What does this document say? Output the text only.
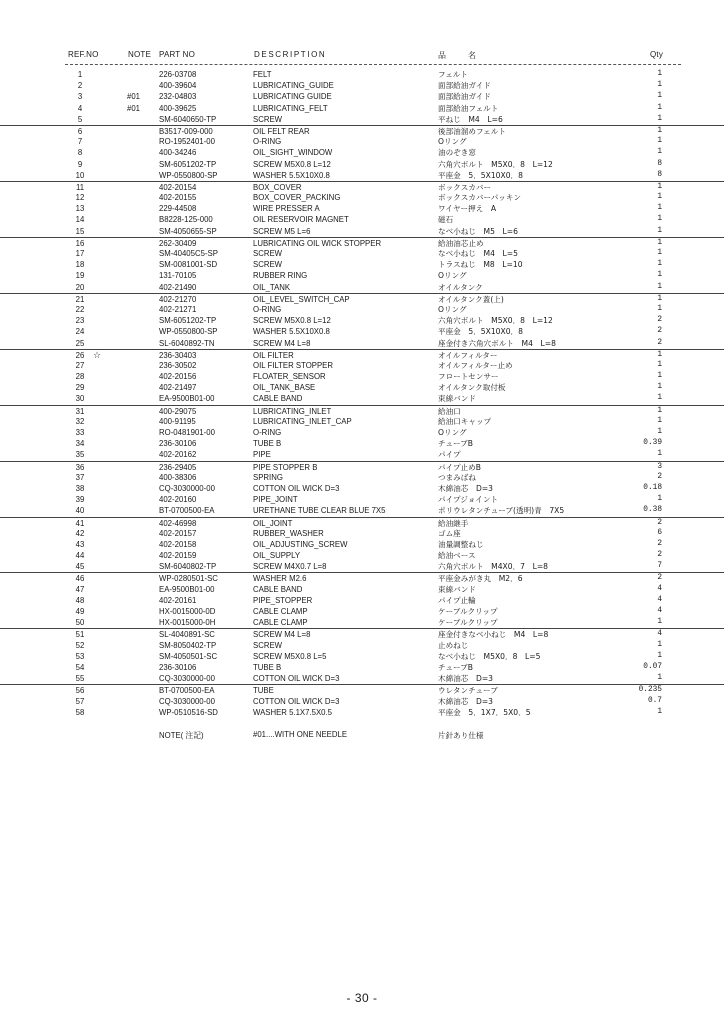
REF.NO	NOTE PART NO	DESCRIPTION	品　名	Qty
1	226-03708	FELT	フェルト	1
2	400-39604	LUBRICATING_GUIDE	面部給油ガイド	1
3	#01	232-04803	LUBRICATING GUIDE	面部給油ガイド	1
4	#01	400-39625	LUBRICATING_FELT	面部給油フェルト	1
5	SM-6040650-TP	SCREW	平ねじ　M4　L=6	1
6	B3517-009-000	OIL FELT REAR	後部油溜めフェルト	1
7	RO-1952401-00	O-RING	Oリング	1
8	400-34246	OIL_SIGHT_WINDOW	油のぞき窓	1
9	SM-6051202-TP	SCREW M5X0.8 L=12	六角穴ボルト　M5X0．8　L=12	8
10	WP-0550800-SP	WASHER 5.5X10X0.8	平座金　5．5X10X0．8	8
11	402-20154	BOX_COVER	ボックスカバー	1
12	402-20155	BOX_COVER_PACKING	ボックスカバーパッキン	1
13	229-44508	WIRE PRESSER A	ワイヤー押え　A	1
14	B8228-125-000	OIL RESERVOIR MAGNET	磁石	1
15	SM-4050655-SP	SCREW M5 L=6	なべ小ねじ　M5　L=6	1
16	262-30409	LUBRICATING OIL WICK STOPPER	給油油芯止め	1
17	SM-40405C5-SP	SCREW	なべ小ねじ　M4　L=5	1
18	SM-0081001-SD	SCREW	トラスねじ　M8　L=10	1
19	131-70105	RUBBER RING	Oリング	1
20	402-21490	OIL_TANK	オイルタンク	1
21	402-21270	OIL_LEVEL_SWITCH_CAP	オイルタンク蓋(上)	1
22	402-21271	O-RING	Oリング	1
23	SM-6051202-TP	SCREW M5X0.8 L=12	六角穴ボルト　M5X0．8　L=12	2
24	WP-0550800-SP	WASHER 5.5X10X0.8	平座金　5．5X10X0．8	2
25	SL-6040892-TN	SCREW M4 L=8	座金付き六角穴ボルト　M4　L=8	2
26 ☆	236-30403	OIL FILTER	オイルフィルター	1
27	236-30502	OIL FILTER STOPPER	オイルフィルター止め	1
28	402-20156	FLOATER_SENSOR	フロートセンサー	1
29	402-21497	OIL_TANK_BASE	オイルタンク取付板	1
30	EA-9500B01-00	CABLE BAND	束線バンド	1
31	400-29075	LUBRICATING_INLET	給油口	1
32	400-91195	LUBRICATING_INLET_CAP	給油口キャップ	1
33	RO-0481901-00	O-RING	Oリング	1
34	236-30106	TUBE B	チューブB	0.39
35	402-20162	PIPE	パイプ	1
36	236-29405	PIPE STOPPER B	パイプ止めB	3
37	400-38306	SPRING	つまみばね	2
38	CQ-3030000-00	COTTON OIL WICK D=3	木綿油芯　D=3	0.18
39	402-20160	PIPE_JOINT	パイプジョイント	1
40	BT-0700500-EA	URETHANE TUBE CLEAR BLUE 7X5	ポリウレタンチューブ(透明)青　7X5	0.38
41	402-46998	OIL_JOINT	給油継手	2
42	402-20157	RUBBER_WASHER	ゴム座	6
43	402-20158	OIL_ADJUSTING_SCREW	油量調整ねじ	2
44	402-20159	OIL_SUPPLY	給油ベース	2
45	SM-6040802-TP	SCREW M4X0.7 L=8	六角穴ボルト　M4X0．7　L=8	7
46	WP-0280501-SC	WASHER M2.6	平座金みがき丸　M2．6	2
47	EA-9500B01-00	CABLE BAND	束線バンド	4
48	402-20161	PIPE_STOPPER	パイプ止輪	4
49	HX-0015000-0D	CABLE CLAMP	ケーブルクリップ	4
50	HX-0015000-0H	CABLE CLAMP	ケーブルクリップ	1
51	SL-4040891-SC	SCREW M4 L=8	座金付きなべ小ねじ　M4　L=8	4
52	SM-8050402-TP	SCREW	止めねじ	1
53	SM-4050501-SC	SCREW M5X0.8 L=5	なべ小ねじ　M5X0．8　L=5	1
54	236-30106	TUBE B	チューブB	0.07
55	CQ-3030000-00	COTTON OIL WICK D=3	木綿油芯　D=3	1
56	BT-0700500-EA	TUBE	ウレタンチューブ	0.235
57	CQ-3030000-00	COTTON OIL WICK D=3	木綿油芯　D=3	0.7
58	WP-0510516-SD	WASHER 5.1X7.5X0.5	平座金　5．1X7．5X0．5	1
NOTE( 注記)	#01....WITH ONE NEEDLE	片針あり仕様
- 30 -
